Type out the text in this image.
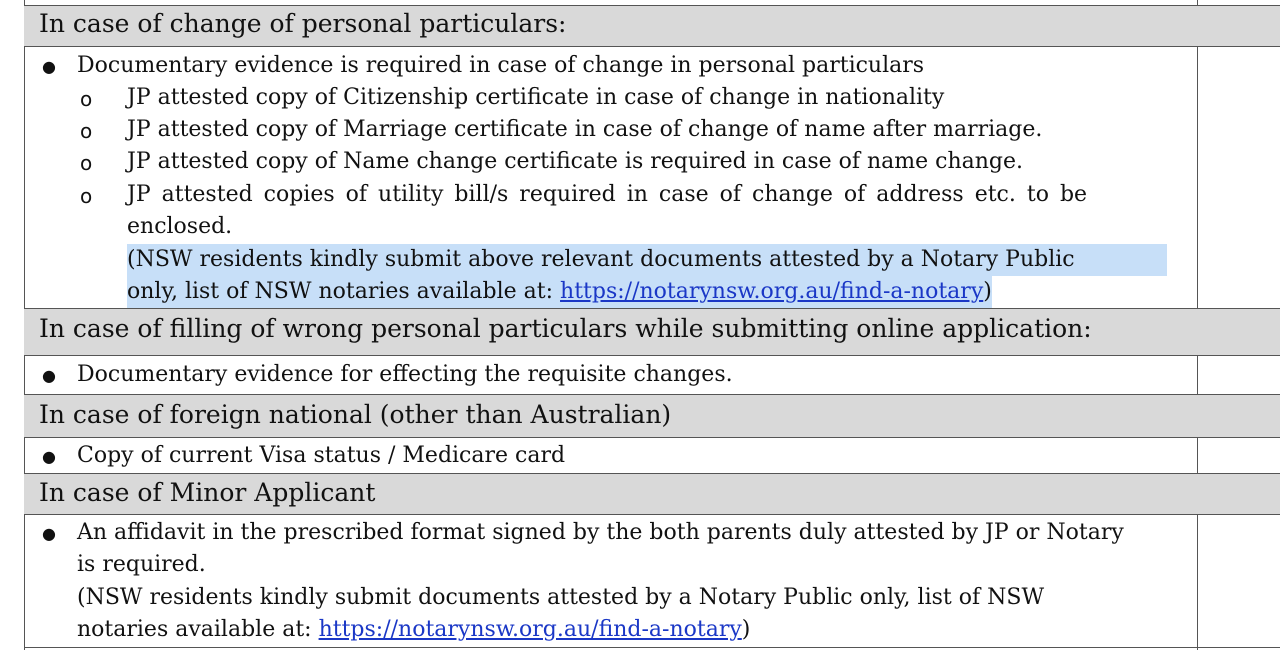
In case of change of personal particulars:
●
Documentary evidence is required in case of change in personal particulars
o
JP attested copy of Citizenship certificate in case of change in nationality
o
JP attested copy of Marriage certificate in case of change of name after marriage.
o
JP attested copy of Name change certificate is required in case of name change.
o
JP attested copies of utility bill/s required in case of change of address etc. to be
enclosed.
(NSW residents kindly submit above relevant documents attested by a Notary Public
only, list of NSW notaries available at: https://notarynsw.org.au/find-a-notary)
In case of filling of wrong personal particulars while submitting online application:
●
Documentary evidence for effecting the requisite changes.
In case of foreign national (other than Australian)
●
Copy of current Visa status / Medicare card
In case of Minor Applicant
●
An affidavit in the prescribed format signed by the both parents duly attested by JP or Notary
is required.
(NSW residents kindly submit documents attested by a Notary Public only, list of NSW
notaries available at: https://notarynsw.org.au/find-a-notary)
